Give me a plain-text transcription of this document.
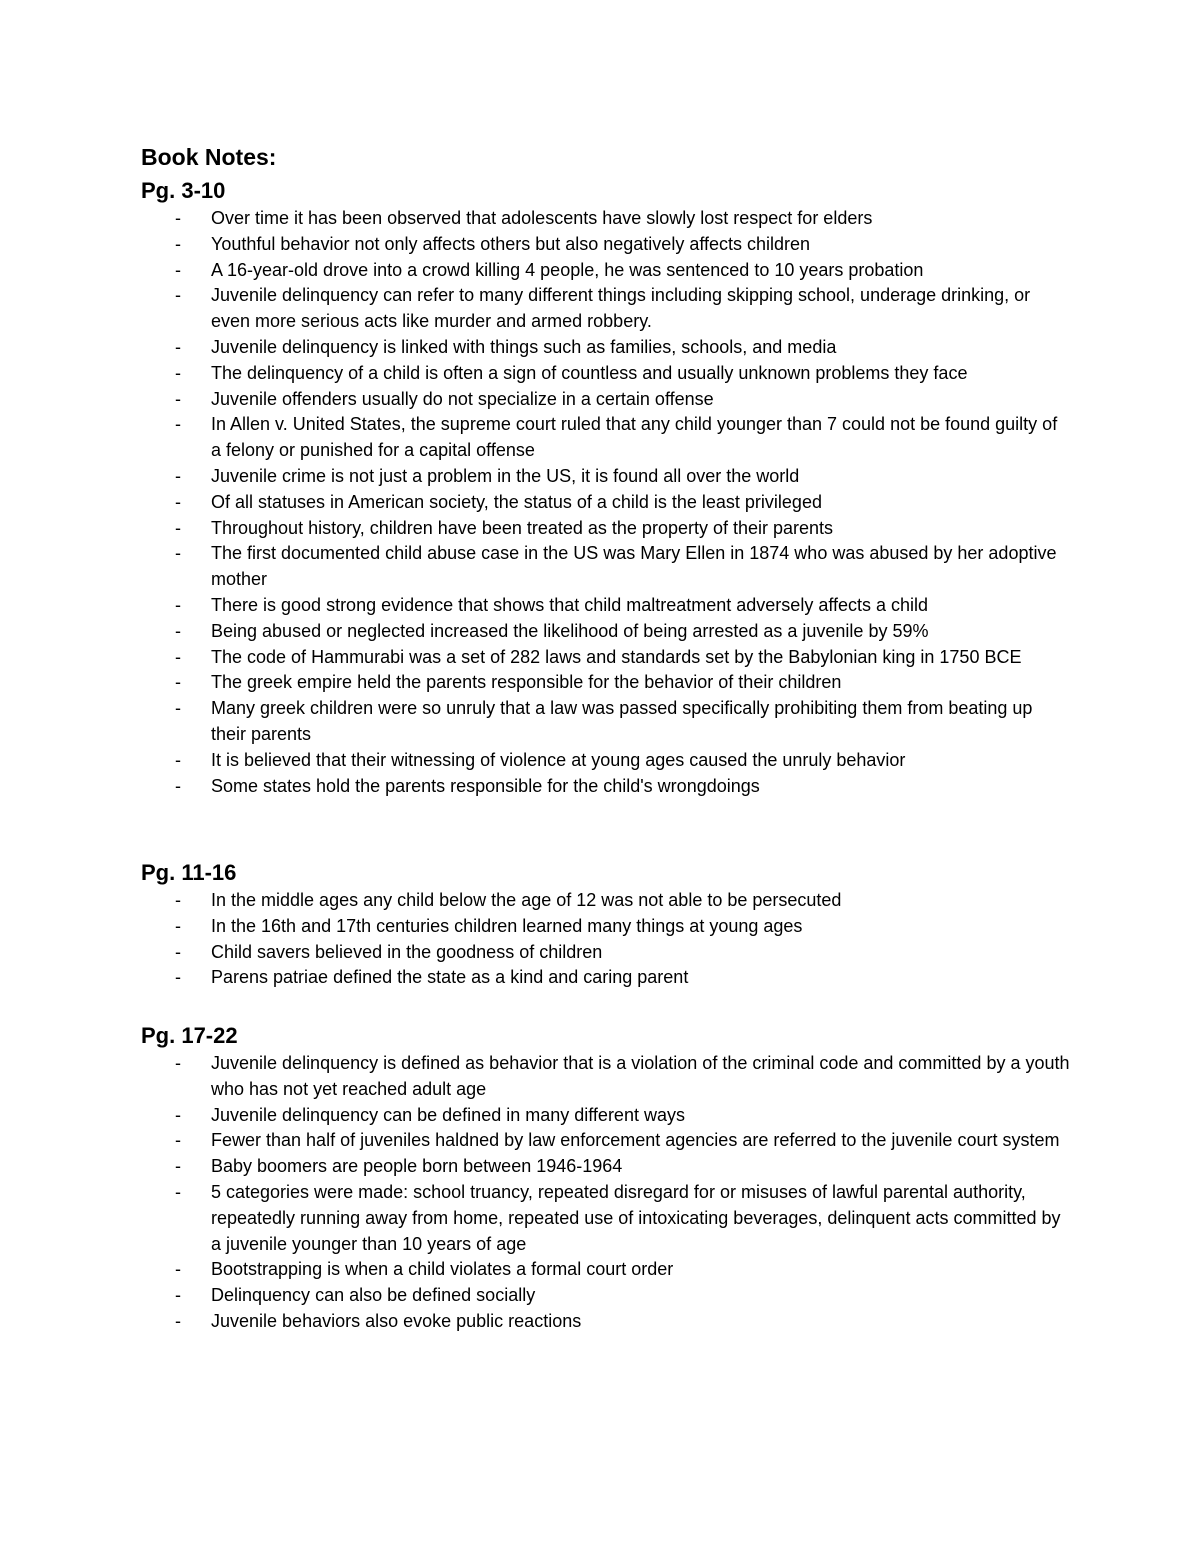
Book Notes:
Pg. 3-10
- Over time it has been observed that adolescents have slowly lost respect for elders
- Youthful behavior not only affects others but also negatively affects children
- A 16-year-old drove into a crowd killing 4 people, he was sentenced to 10 years probation
- Juvenile delinquency can refer to many different things including skipping school, underage drinking, or even more serious acts like murder and armed robbery.
- Juvenile delinquency is linked with things such as families, schools, and media
- The delinquency of a child is often a sign of countless and usually unknown problems they face
- Juvenile offenders usually do not specialize in a certain offense
- In Allen v. United States, the supreme court ruled that any child younger than 7 could not be found guilty of a felony or punished for a capital offense
- Juvenile crime is not just a problem in the US, it is found all over the world
- Of all statuses in American society, the status of a child is the least privileged
- Throughout history, children have been treated as the property of their parents
- The first documented child abuse case in the US was Mary Ellen in 1874 who was abused by her adoptive mother
- There is good strong evidence that shows that child maltreatment adversely affects a child
- Being abused or neglected increased the likelihood of being arrested as a juvenile by 59%
- The code of Hammurabi was a set of 282 laws and standards set by the Babylonian king in 1750 BCE
- The greek empire held the parents responsible for the behavior of their children
- Many greek children were so unruly that a law was passed specifically prohibiting them from beating up their parents
- It is believed that their witnessing of violence at young ages caused the unruly behavior
- Some states hold the parents responsible for the child's wrongdoings
Pg. 11-16
- In the middle ages any child below the age of 12 was not able to be persecuted
- In the 16th and 17th centuries children learned many things at young ages
- Child savers believed in the goodness of children
- Parens patriae defined the state as a kind and caring parent
Pg. 17-22
- Juvenile delinquency is defined as behavior that is a violation of the criminal code and committed by a youth who has not yet reached adult age
- Juvenile delinquency can be defined in many different ways
- Fewer than half of juveniles haldned by law enforcement agencies are referred to the juvenile court system
- Baby boomers are people born between 1946-1964
- 5 categories were made: school truancy, repeated disregard for or misuses of lawful parental authority, repeatedly running away from home, repeated use of intoxicating beverages, delinquent acts committed by a juvenile younger than 10 years of age
- Bootstrapping is when a child violates a formal court order
- Delinquency can also be defined socially
- Juvenile behaviors also evoke public reactions
